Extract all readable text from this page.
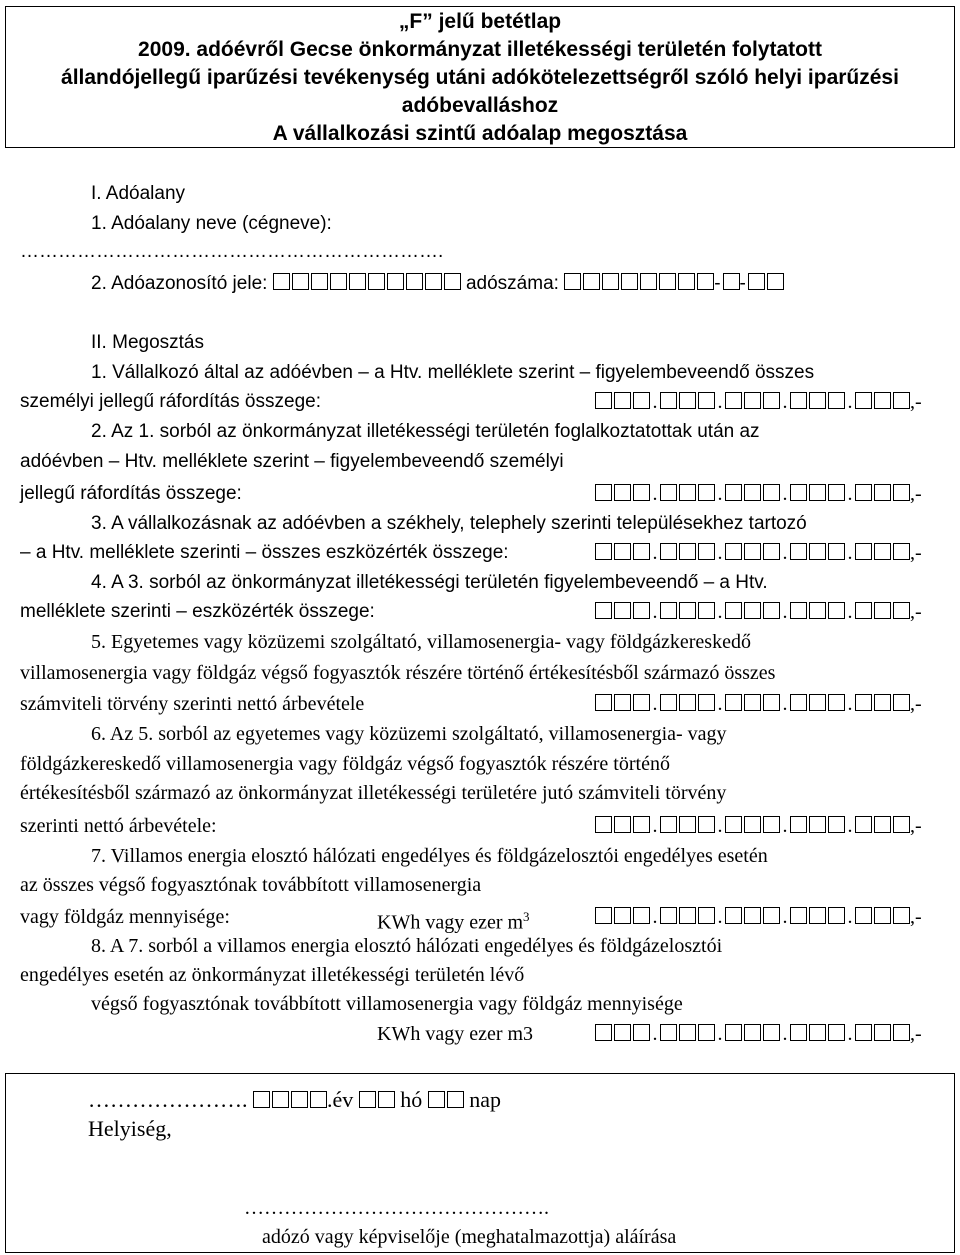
„F” jelű betétlap
2009. adóévről Gecse önkormányzat illetékességi területén folytatott
állandójellegű iparűzési tevékenység utáni adókötelezettségről szóló helyi iparűzési
adóbevalláshoz
A vállalkozási szintű adóalap megosztása
I. Adóalany
1. Adóalany neve (cégneve):
………………………………………………………….
2. Adóazonosító jele:	adószáma:	- -
II. Megosztás
1. Vállalkozó által az adóévben – a Htv. melléklete szerint – figyelembeveendő összes
személyi jellegű ráfordítás összege:	.	.	.	.	,-
2. Az 1. sorból az önkormányzat illetékességi területén foglalkoztatottak után az
adóévben – Htv. melléklete szerint – figyelembeveendő személyi
jellegű ráfordítás összege:	.	.	.	.	,-
3. A vállalkozásnak az adóévben a székhely, telephely szerinti településekhez tartozó
– a Htv. melléklete szerinti – összes eszközérték összege:	.	.	.	.	,-
4. A 3. sorból az önkormányzat illetékességi területén figyelembeveendő – a Htv.
melléklete szerinti – eszközérték összege:	.	.	.	.	,-
5. Egyetemes vagy közüzemi szolgáltató, villamosenergia- vagy földgázkereskedő
villamosenergia vagy földgáz végső fogyasztók részére történő értékesítésből származó összes
számviteli törvény szerinti nettó árbevétele	.	.	.	.	,-
6. Az 5. sorból az egyetemes vagy közüzemi szolgáltató, villamosenergia- vagy
földgázkereskedő villamosenergia vagy földgáz végső fogyasztók részére történő
értékesítésből származó az önkormányzat illetékességi területére jutó számviteli törvény
szerinti nettó árbevétele:	.	.	.	.	,-
7. Villamos energia elosztó hálózati engedélyes és földgázelosztói engedélyes esetén
az összes végső fogyasztónak továbbított villamosenergia
vagy földgáz mennyisége:	KWh vagy ezer $m^3$	.	.	.	.	,-
8. A 7. sorból a villamos energia elosztó hálózati engedélyes és földgázelosztói
engedélyes esetén az önkormányzat illetékességi területén lévő
végső fogyasztónak továbbított villamosenergia vagy földgáz mennyisége
KWh vagy ezer m3	.	.	.	.	,-
………………….	.év hó nap
Helyiség,
……………………………………….
adózó vagy képviselője (meghatalmazottja) aláírása
